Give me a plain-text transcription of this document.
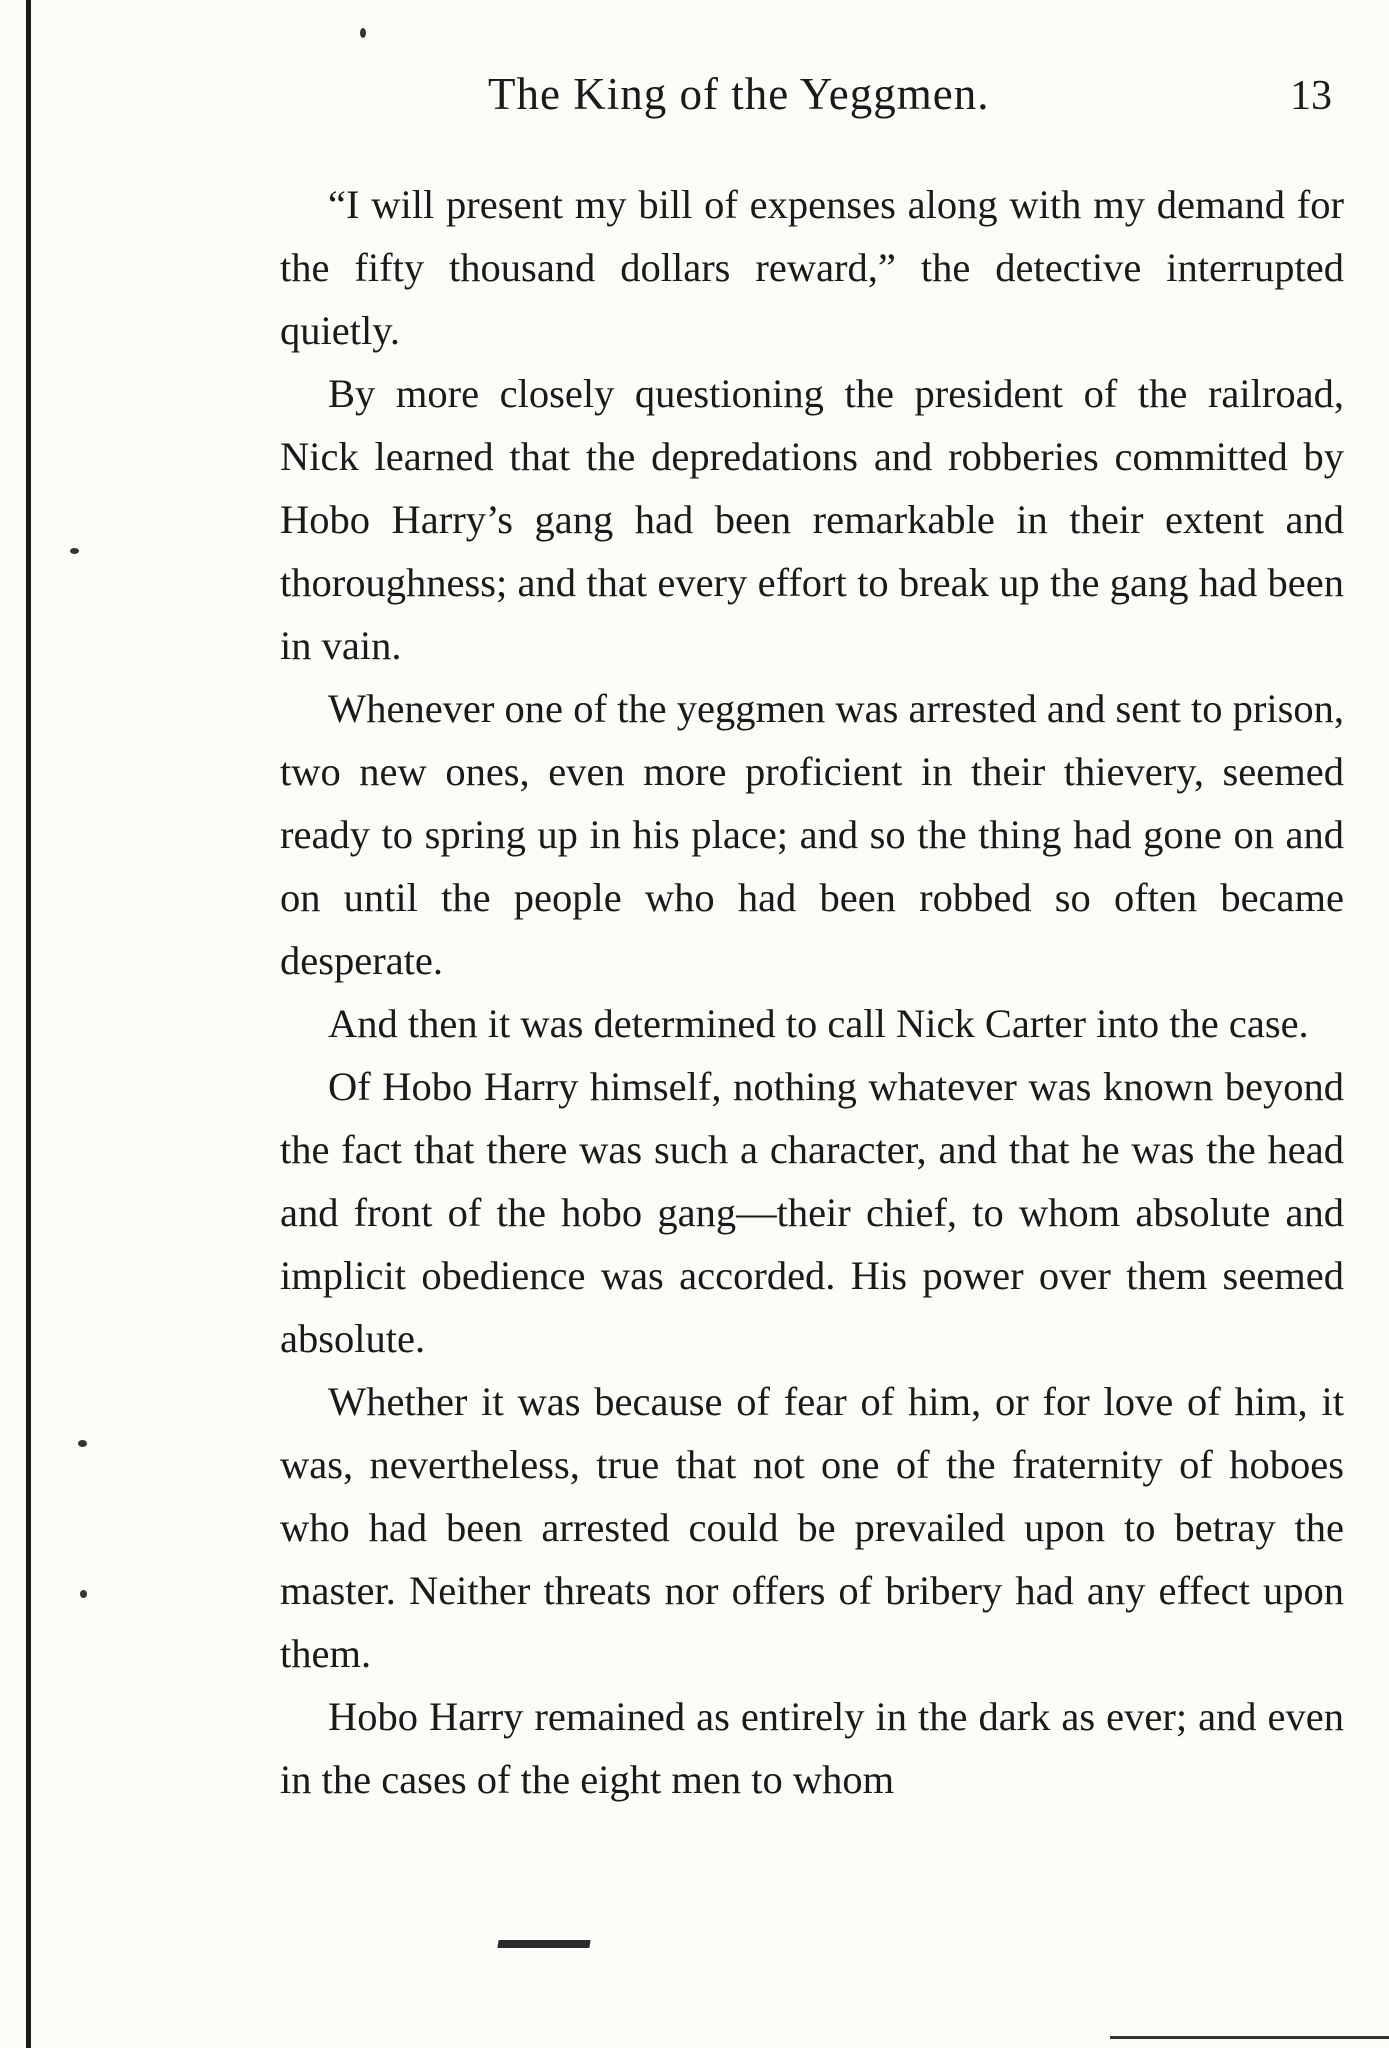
The King of the Yeggmen.	13

“I will present my bill of expenses along with my demand for the fifty thousand dollars reward,” the detective interrupted quietly.

By more closely questioning the president of the railroad, Nick learned that the depredations and robberies committed by Hobo Harry’s gang had been remarkable in their extent and thoroughness; and that every effort to break up the gang had been in vain.

Whenever one of the yeggmen was arrested and sent to prison, two new ones, even more proficient in their thievery, seemed ready to spring up in his place; and so the thing had gone on and on until the people who had been robbed so often became desperate.

And then it was determined to call Nick Carter into the case.

Of Hobo Harry himself, nothing whatever was known beyond the fact that there was such a character, and that he was the head and front of the hobo gang—their chief, to whom absolute and implicit obedience was accorded. His power over them seemed absolute.

Whether it was because of fear of him, or for love of him, it was, nevertheless, true that not one of the fraternity of hoboes who had been arrested could be prevailed upon to betray the master. Neither threats nor offers of bribery had any effect upon them.

Hobo Harry remained as entirely in the dark as ever; and even in the cases of the eight men to whom
